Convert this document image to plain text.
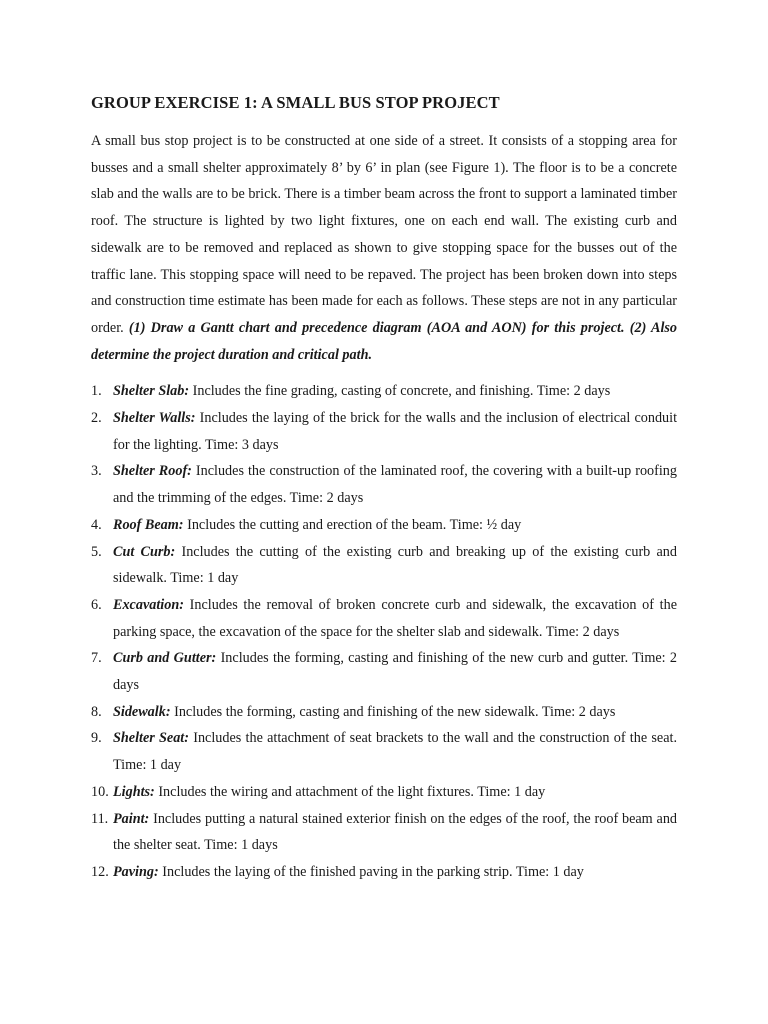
GROUP EXERCISE 1: A SMALL BUS STOP PROJECT

A small bus stop project is to be constructed at one side of a street. It consists of a stopping area for busses and a small shelter approximately 8’ by 6’ in plan (see Figure 1). The floor is to be a concrete slab and the walls are to be brick. There is a timber beam across the front to support a laminated timber roof. The structure is lighted by two light fixtures, one on each end wall. The existing curb and sidewalk are to be removed and replaced as shown to give stopping space for the busses out of the traffic lane. This stopping space will need to be repaved. The project has been broken down into steps and construction time estimate has been made for each as follows. These steps are not in any particular order. (1) Draw a Gantt chart and precedence diagram (AOA and AON) for this project. (2) Also determine the project duration and critical path.

1. Shelter Slab: Includes the fine grading, casting of concrete, and finishing. Time: 2 days
2. Shelter Walls: Includes the laying of the brick for the walls and the inclusion of electrical conduit for the lighting. Time: 3 days
3. Shelter Roof: Includes the construction of the laminated roof, the covering with a built-up roofing and the trimming of the edges. Time: 2 days
4. Roof Beam: Includes the cutting and erection of the beam. Time: ½ day
5. Cut Curb: Includes the cutting of the existing curb and breaking up of the existing curb and sidewalk. Time: 1 day
6. Excavation: Includes the removal of broken concrete curb and sidewalk, the excavation of the parking space, the excavation of the space for the shelter slab and sidewalk. Time: 2 days
7. Curb and Gutter: Includes the forming, casting and finishing of the new curb and gutter. Time: 2 days
8. Sidewalk: Includes the forming, casting and finishing of the new sidewalk. Time: 2 days
9. Shelter Seat: Includes the attachment of seat brackets to the wall and the construction of the seat. Time: 1 day
10. Lights: Includes the wiring and attachment of the light fixtures. Time: 1 day
11. Paint: Includes putting a natural stained exterior finish on the edges of the roof, the roof beam and the shelter seat. Time: 1 days
12. Paving: Includes the laying of the finished paving in the parking strip. Time: 1 day
